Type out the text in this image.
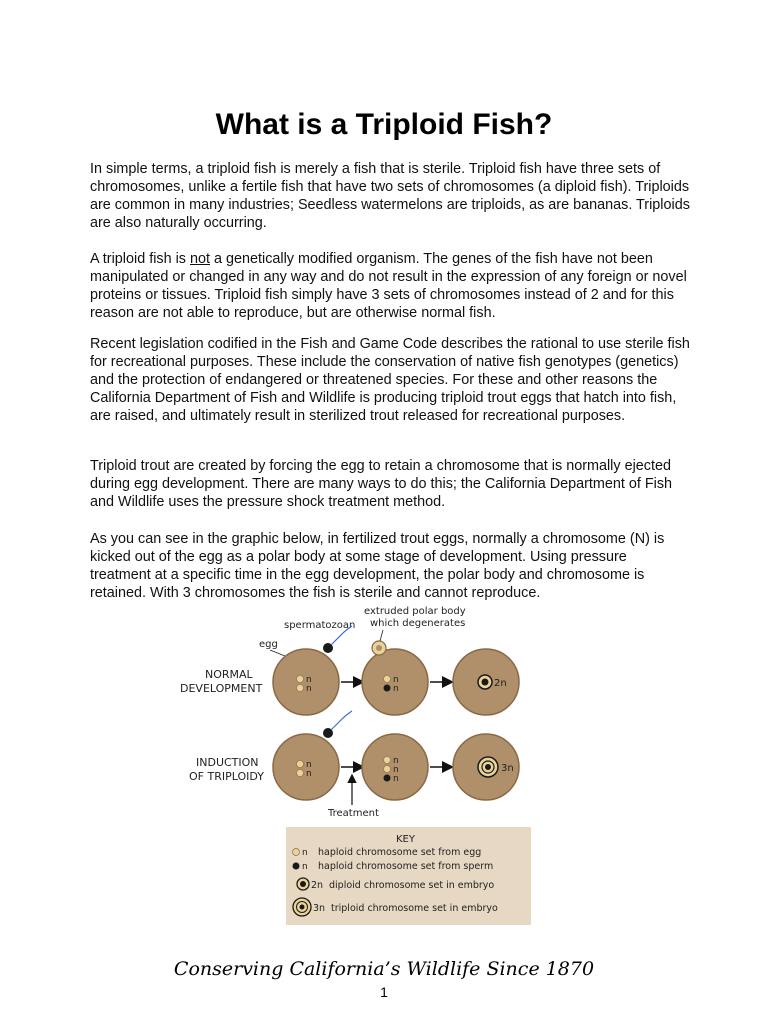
What is a Triploid Fish?

In simple terms, a triploid fish is merely a fish that is sterile. Triploid fish have three sets of chromosomes, unlike a fertile fish that have two sets of chromosomes (a diploid fish). Triploids are common in many industries; Seedless watermelons are triploids, as are bananas. Triploids are also naturally occurring.

A triploid fish is not a genetically modified organism. The genes of the fish have not been manipulated or changed in any way and do not result in the expression of any foreign or novel proteins or tissues. Triploid fish simply have 3 sets of chromosomes instead of 2 and for this reason are not able to reproduce, but are otherwise normal fish.

Recent legislation codified in the Fish and Game Code describes the rational to use sterile fish for recreational purposes. These include the conservation of native fish genotypes (genetics) and the protection of endangered or threatened species. For these and other reasons the California Department of Fish and Wildlife is producing triploid trout eggs that hatch into fish, are raised, and ultimately result in sterilized trout released for recreational purposes.

Triploid trout are created by forcing the egg to retain a chromosome that is normally ejected during egg development. There are many ways to do this; the California Department of Fish and Wildlife uses the pressure shock treatment method.

As you can see in the graphic below, in fertilized trout eggs, normally a chromosome (N) is kicked out of the egg as a polar body at some stage of development. Using pressure treatment at a specific time in the egg development, the polar body and chromosome is retained. With 3 chromosomes the fish is sterile and cannot reproduce.

extruded polar body
which degenerates
spermatozoan
egg
NORMAL
DEVELOPMENT
INDUCTION
OF TRIPLOIDY
n
n
n
n	2n
n
n
Treatment
n
n
n
3n
KEY
n haploid chromosome set from egg
n haploid chromosome set from sperm
2n diploid chromosome set in embryo
3n triploid chromosome set in embryo
Conserving California’s Wildlife Since 1870
1
